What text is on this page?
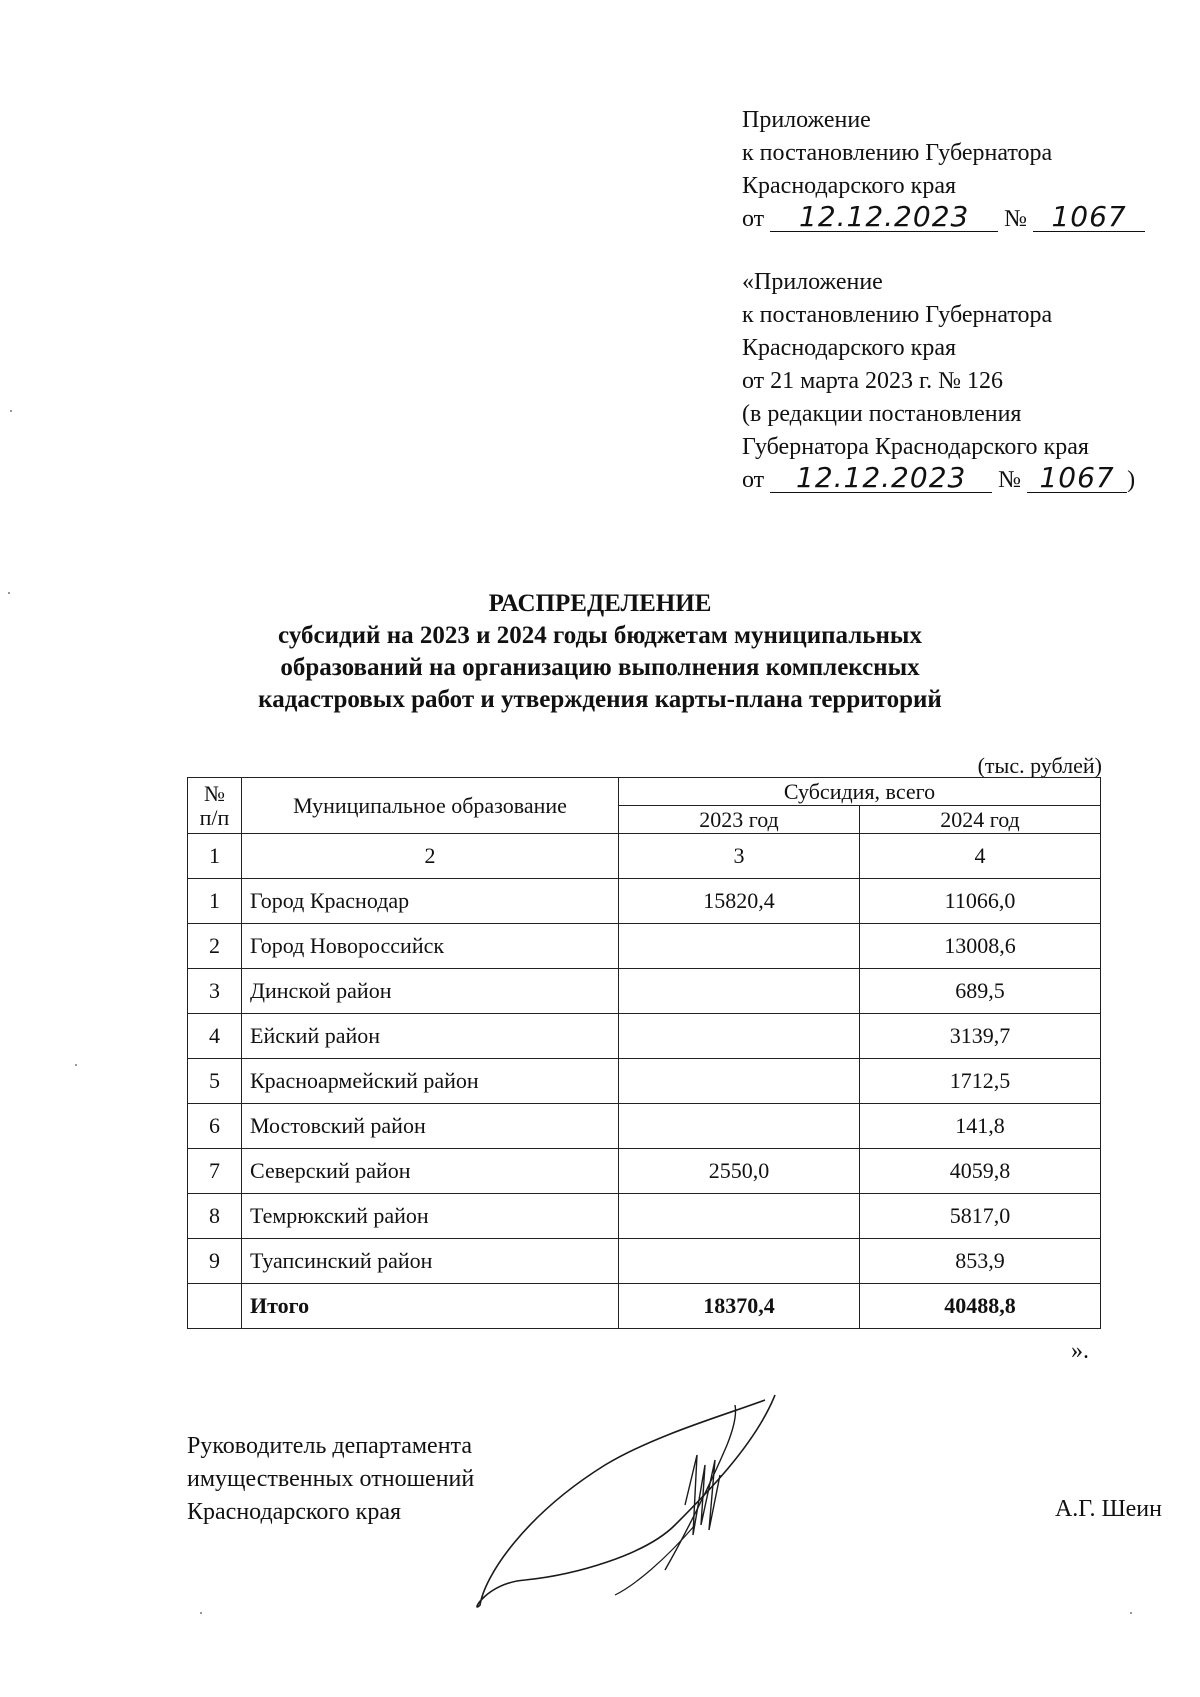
Приложение
к постановлению Губернатора
Краснодарского края
от 12.12.2023 № 1067
«Приложение
к постановлению Губернатора
Краснодарского края
от 21 марта 2023 г. № 126
(в редакции постановления
Губернатора Краснодарского края
от 12.12.2023 № 1067 )
РАСПРЕДЕЛЕНИЕ
субсидий на 2023 и 2024 годы бюджетам муниципальных
образований на организацию выполнения комплексных
кадастровых работ и утверждения карты-плана территорий
(тыс. рублей)
№
п/п	Муниципальное образование	Субсидия, всего	
		2023 год	2024 год
1	2	3	4
1	Город Краснодар	15820,4	11066,0
2	Город Новороссийск		13008,6
3	Динской район		689,5
4	Ейский район		3139,7
5	Красноармейский район		1712,5
6	Мостовский район		141,8
7	Северский район	2550,0	4059,8
8	Темрюкский район		5817,0
9	Туапсинский район		853,9
	Итого	18370,4	40488,8
».
Руководитель департамента
имущественных отношений
Краснодарского края	А.Г. Шеин
